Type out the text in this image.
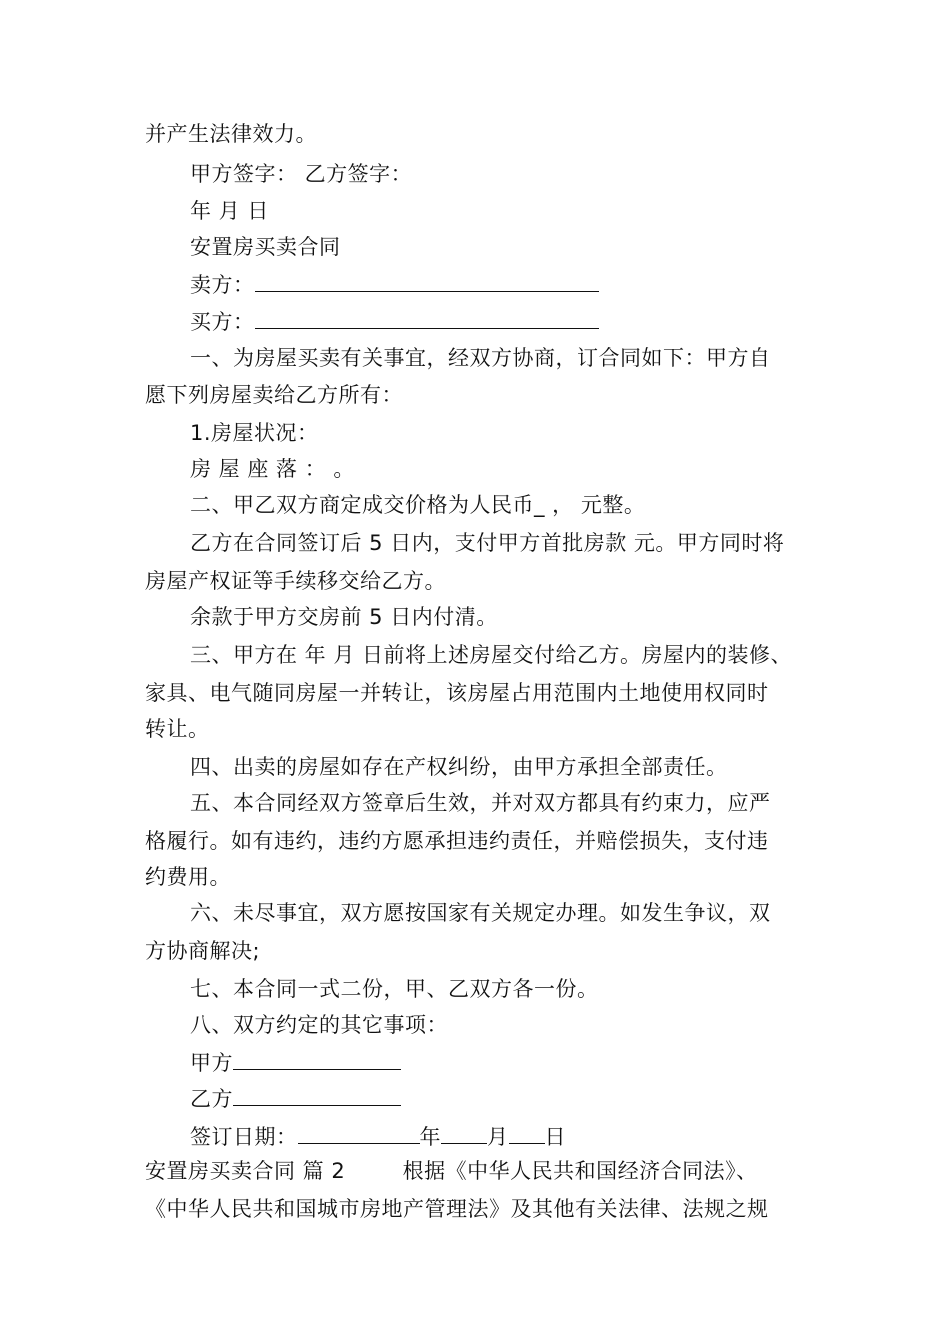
并产生法律效力。
甲方签字： 乙方签字：
年 月 日
安置房买卖合同
卖方：
买方：
一、为房屋买卖有关事宜，经双方协商，订合同如下：甲方自
愿下列房屋卖给乙方所有：
1.房屋状况：
房 屋 座 落 ： 。
二、甲乙双方商定成交价格为人民币_ ， 元整。
乙方在合同签订后 5 日内，支付甲方首批房款 元。甲方同时将
房屋产权证等手续移交给乙方。
余款于甲方交房前 5 日内付清。
三、甲方在 年 月 日前将上述房屋交付给乙方。房屋内的装修、
家具、电气随同房屋一并转让，该房屋占用范围内土地使用权同时
转让。
四、出卖的房屋如存在产权纠纷，由甲方承担全部责任。
五、本合同经双方签章后生效，并对双方都具有约束力，应严
格履行。如有违约，违约方愿承担违约责任，并赔偿损失，支付违
约费用。
六、未尽事宜，双方愿按国家有关规定办理。如发生争议，双
方协商解决;
七、本合同一式二份，甲、乙双方各一份。
八、双方约定的其它事项：
甲方
乙方
签订日期：	年 月 日
安置房买卖合同 篇 2        根据《中华人民共和国经济合同法》、
《中华人民共和国城市房地产管理法》及其他有关法律、法规之规
